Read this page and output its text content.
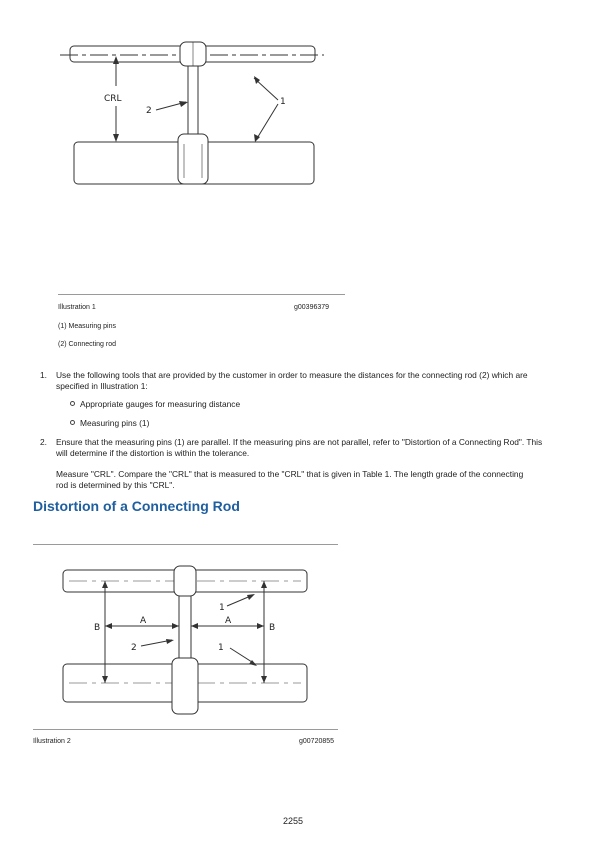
CRL
2
1
Illustration 1	g00396379
(1) Measuring pins
(2) Connecting rod
1. Use the following tools that are provided by the customer in order to measure the distances for the connecting rod (2) which are specified in Illustration 1:
2. Ensure that the measuring pins (1) are parallel. If the measuring pins are not parallel, refer to "Distortion of a Connecting Rod". This will determine if the distortion is within the tolerance.
Appropriate gauges for measuring distance
Measuring pins (1)
Measure "CRL". Compare the "CRL" that is measured to the "CRL" that is given in Table 1. The length grade of the connecting rod is determined by this "CRL".
Distortion of a Connecting Rod
B
A	A
B
1
1
2
Illustration 2	g00720855
2255
